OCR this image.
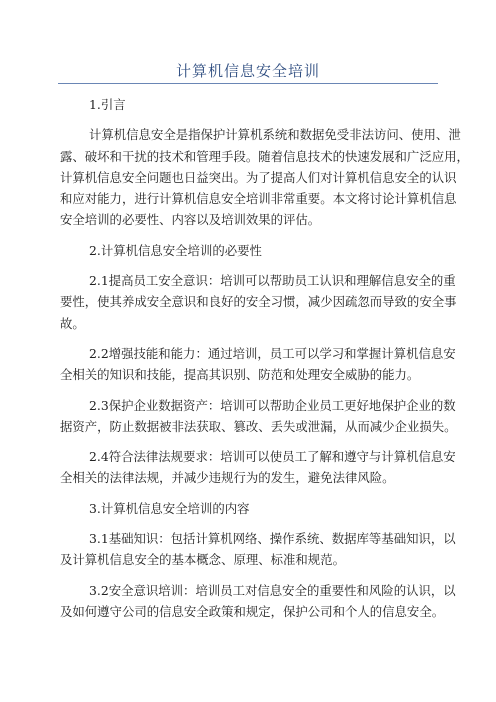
计算机信息安全培训
1.引言
计算机信息安全是指保护计算机系统和数据免受非法访问、使用、泄
露、破坏和干扰的技术和管理手段。随着信息技术的快速发展和广泛应用，
计算机信息安全问题也日益突出。为了提高人们对计算机信息安全的认识
和应对能力，进行计算机信息安全培训非常重要。本文将讨论计算机信息
安全培训的必要性、内容以及培训效果的评估。
2.计算机信息安全培训的必要性
2.1提高员工安全意识：培训可以帮助员工认识和理解信息安全的重
要性，使其养成安全意识和良好的安全习惯，减少因疏忽而导致的安全事
故。
2.2增强技能和能力：通过培训，员工可以学习和掌握计算机信息安
全相关的知识和技能，提高其识别、防范和处理安全威胁的能力。
2.3保护企业数据资产：培训可以帮助企业员工更好地保护企业的数
据资产，防止数据被非法获取、篡改、丢失或泄漏，从而减少企业损失。
2.4符合法律法规要求：培训可以使员工了解和遵守与计算机信息安
全相关的法律法规，并减少违规行为的发生，避免法律风险。
3.计算机信息安全培训的内容
3.1基础知识：包括计算机网络、操作系统、数据库等基础知识，以
及计算机信息安全的基本概念、原理、标准和规范。
3.2安全意识培训：培训员工对信息安全的重要性和风险的认识，以
及如何遵守公司的信息安全政策和规定，保护公司和个人的信息安全。
